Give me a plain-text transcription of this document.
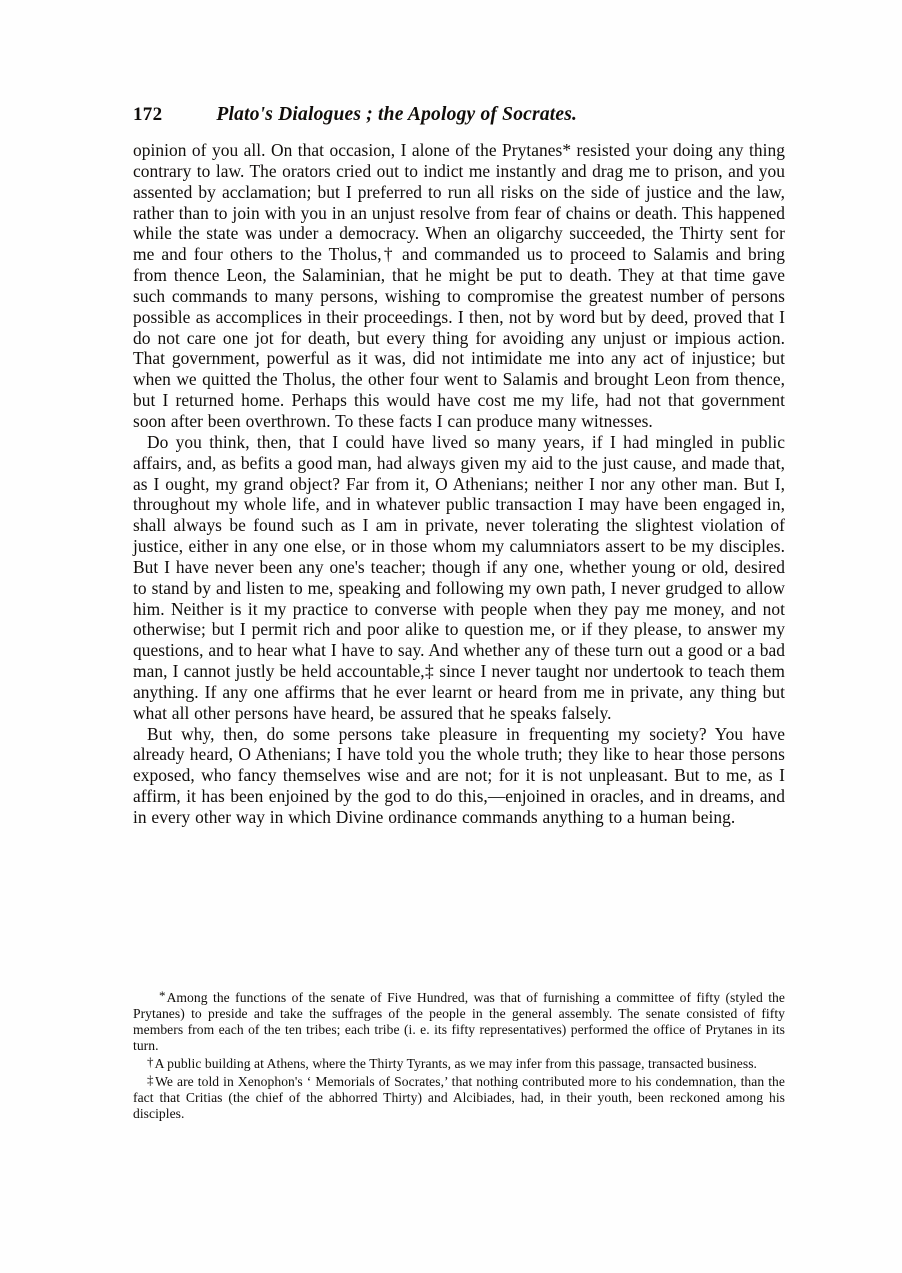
172	Plato's Dialogues ; the Apology of Socrates.

opinion of you all. On that occasion, I alone of the Prytanes* resisted your doing any thing contrary to law. The orators cried out to indict me instantly and drag me to prison, and you assented by acclamation; but I preferred to run all risks on the side of justice and the law, rather than to join with you in an unjust resolve from fear of chains or death. This happened while the state was under a democracy. When an oligarchy succeeded, the Thirty sent for me and four others to the Tholus,† and commanded us to proceed to Salamis and bring from thence Leon, the Salaminian, that he might be put to death. They at that time gave such commands to many persons, wishing to compromise the greatest number of persons possible as accomplices in their proceedings. I then, not by word but by deed, proved that I do not care one jot for death, but every thing for avoiding any unjust or impious action. That government, powerful as it was, did not intimidate me into any act of injustice; but when we quitted the Tholus, the other four went to Salamis and brought Leon from thence, but I returned home. Perhaps this would have cost me my life, had not that government soon after been overthrown. To these facts I can produce many witnesses.

Do you think, then, that I could have lived so many years, if I had mingled in public affairs, and, as befits a good man, had always given my aid to the just cause, and made that, as I ought, my grand object? Far from it, O Athenians; neither I nor any other man. But I, throughout my whole life, and in whatever public transaction I may have been engaged in, shall always be found such as I am in private, never tolerating the slightest violation of justice, either in any one else, or in those whom my calumniators assert to be my disciples. But I have never been any one's teacher; though if any one, whether young or old, desired to stand by and listen to me, speaking and following my own path, I never grudged to allow him. Neither is it my practice to converse with people when they pay me money, and not otherwise; but I permit rich and poor alike to question me, or if they please, to answer my questions, and to hear what I have to say. And whether any of these turn out a good or a bad man, I cannot justly be held accountable,‡ since I never taught nor undertook to teach them anything. If any one affirms that he ever learnt or heard from me in private, any thing but what all other persons have heard, be assured that he speaks falsely.

But why, then, do some persons take pleasure in frequenting my society? You have already heard, O Athenians; I have told you the whole truth; they like to hear those persons exposed, who fancy themselves wise and are not; for it is not unpleasant. But to me, as I affirm, it has been enjoined by the god to do this,—enjoined in oracles, and in dreams, and in every other way in which Divine ordinance commands anything to a human being.

*Among the functions of the senate of Five Hundred, was that of furnishing a committee of fifty (styled the Prytanes) to preside and take the suffrages of the people in the general assembly. The senate consisted of fifty members from each of the ten tribes; each tribe (i. e. its fifty representatives) performed the office of Prytanes in its turn.

†A public building at Athens, where the Thirty Tyrants, as we may infer from this passage, transacted business.

‡We are told in Xenophon's ‘ Memorials of Socrates,’ that nothing contributed more to his condemnation, than the fact that Critias (the chief of the abhorred Thirty) and Alcibiades, had, in their youth, been reckoned among his disciples.
